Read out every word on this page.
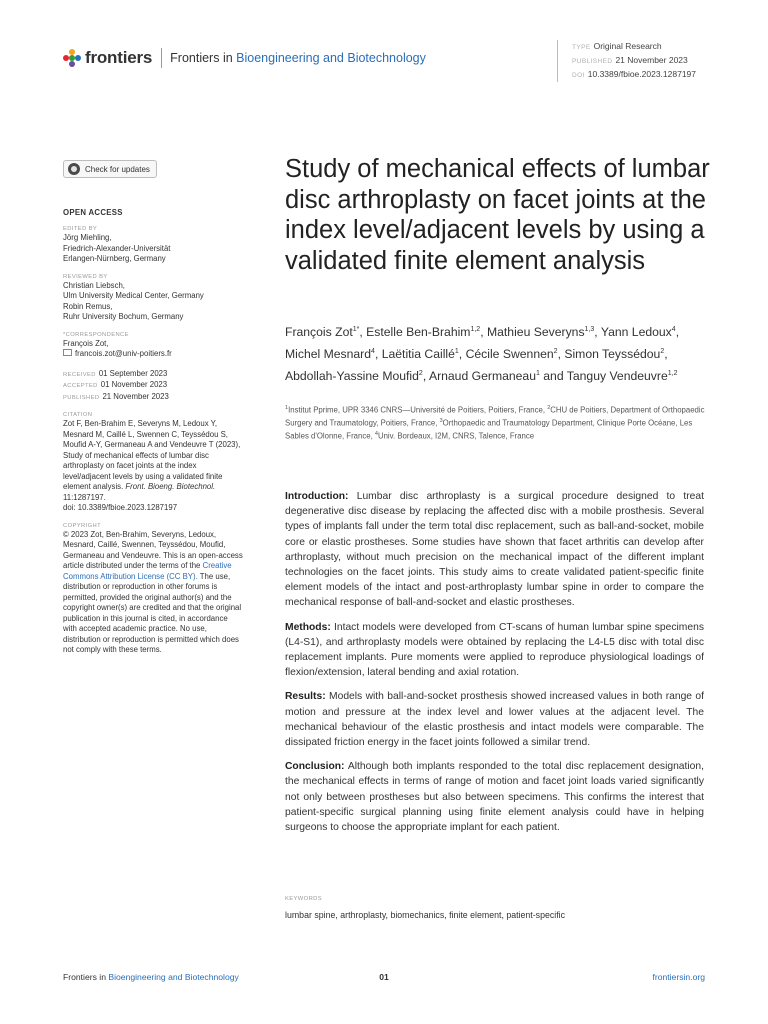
frontiers Frontiers in Bioengineering and Biotechnology
TYPE Original Research
PUBLISHED 21 November 2023
DOI 10.3389/fbioe.2023.1287197
Check for updates
OPEN ACCESS
EDITED BY
Jörg Miehling,
Friedrich-Alexander-Universität
Erlangen-Nürnberg, Germany
REVIEWED BY
Christian Liebsch,
Ulm University Medical Center, Germany
Robin Remus,
Ruhr University Bochum, Germany
*CORRESPONDENCE
François Zot,
francois.zot@univ-poitiers.fr
RECEIVED 01 September 2023
ACCEPTED 01 November 2023
PUBLISHED 21 November 2023
CITATION
Zot F, Ben-Brahim E, Severyns M, Ledoux Y, Mesnard M, Caillé L, Swennen C, Teyssédou S, Moufid A-Y, Germaneau A and Vendeuvre T (2023), Study of mechanical effects of lumbar disc arthroplasty on facet joints at the index level/adjacent levels by using a validated finite element analysis. Front. Bioeng. Biotechnol. 11:1287197.
doi: 10.3389/fbioe.2023.1287197
COPYRIGHT
© 2023 Zot, Ben-Brahim, Severyns, Ledoux, Mesnard, Caillé, Swennen, Teyssédou, Moufid, Germaneau and Vendeuvre. This is an open-access article distributed under the terms of the Creative Commons Attribution License (CC BY). The use, distribution or reproduction in other forums is permitted, provided the original author(s) and the copyright owner(s) are credited and that the original publication in this journal is cited, in accordance with accepted academic practice. No use, distribution or reproduction is permitted which does not comply with these terms.
Study of mechanical effects of lumbar disc arthroplasty on facet joints at the index level/adjacent levels by using a validated finite element analysis
François Zot$^{1*}$, Estelle Ben-Brahim$^{1,2}$, Mathieu Severyns$^{1,3}$, Yann Ledoux$^4$, Michel Mesnard$^4$, Laëtitia Caillé$^1$, Cécile Swennen$^2$, Simon Teyssédou$^2$, Abdollah-Yassine Moufid$^2$, Arnaud Germaneau$^1$ and Tanguy Vendeuvre$^{1,2}$
$^1$Institut Pprime, UPR 3346 CNRS—Université de Poitiers, Poitiers, France, $^2$CHU de Poitiers, Department of Orthopaedic Surgery and Traumatology, Poitiers, France, $^3$Orthopaedic and Traumatology Department, Clinique Porte Océane, Les Sables d'Olonne, France, $^4$Univ. Bordeaux, I2M, CNRS, Talence, France

Introduction: Lumbar disc arthroplasty is a surgical procedure designed to treat degenerative disc disease by replacing the affected disc with a mobile prosthesis. Several types of implants fall under the term total disc replacement, such as ball-and-socket, mobile core or elastic prostheses. Some studies have shown that facet arthritis can develop after arthroplasty, without much precision on the mechanical impact of the different implant technologies on the facet joints. This study aims to create validated patient-specific finite element models of the intact and post-arthroplasty lumbar spine in order to compare the mechanical response of ball-and-socket and elastic prostheses.

Methods: Intact models were developed from CT-scans of human lumbar spine specimens (L4-S1), and arthroplasty models were obtained by replacing the L4-L5 disc with total disc replacement implants. Pure moments were applied to reproduce physiological loadings of flexion/extension, lateral bending and axial rotation.

Results: Models with ball-and-socket prosthesis showed increased values in both range of motion and pressure at the index level and lower values at the adjacent level. The mechanical behaviour of the elastic prosthesis and intact models were comparable. The dissipated friction energy in the facet joints followed a similar trend.

Conclusion: Although both implants responded to the total disc replacement designation, the mechanical effects in terms of range of motion and facet joint loads varied significantly not only between prostheses but also between specimens. This confirms the interest that patient-specific surgical planning using finite element analysis could have in helping surgeons to choose the appropriate implant for each patient.

KEYWORDS
lumbar spine, arthroplasty, biomechanics, finite element, patient-specific
Frontiers in Bioengineering and Biotechnology	01	frontiersin.org
